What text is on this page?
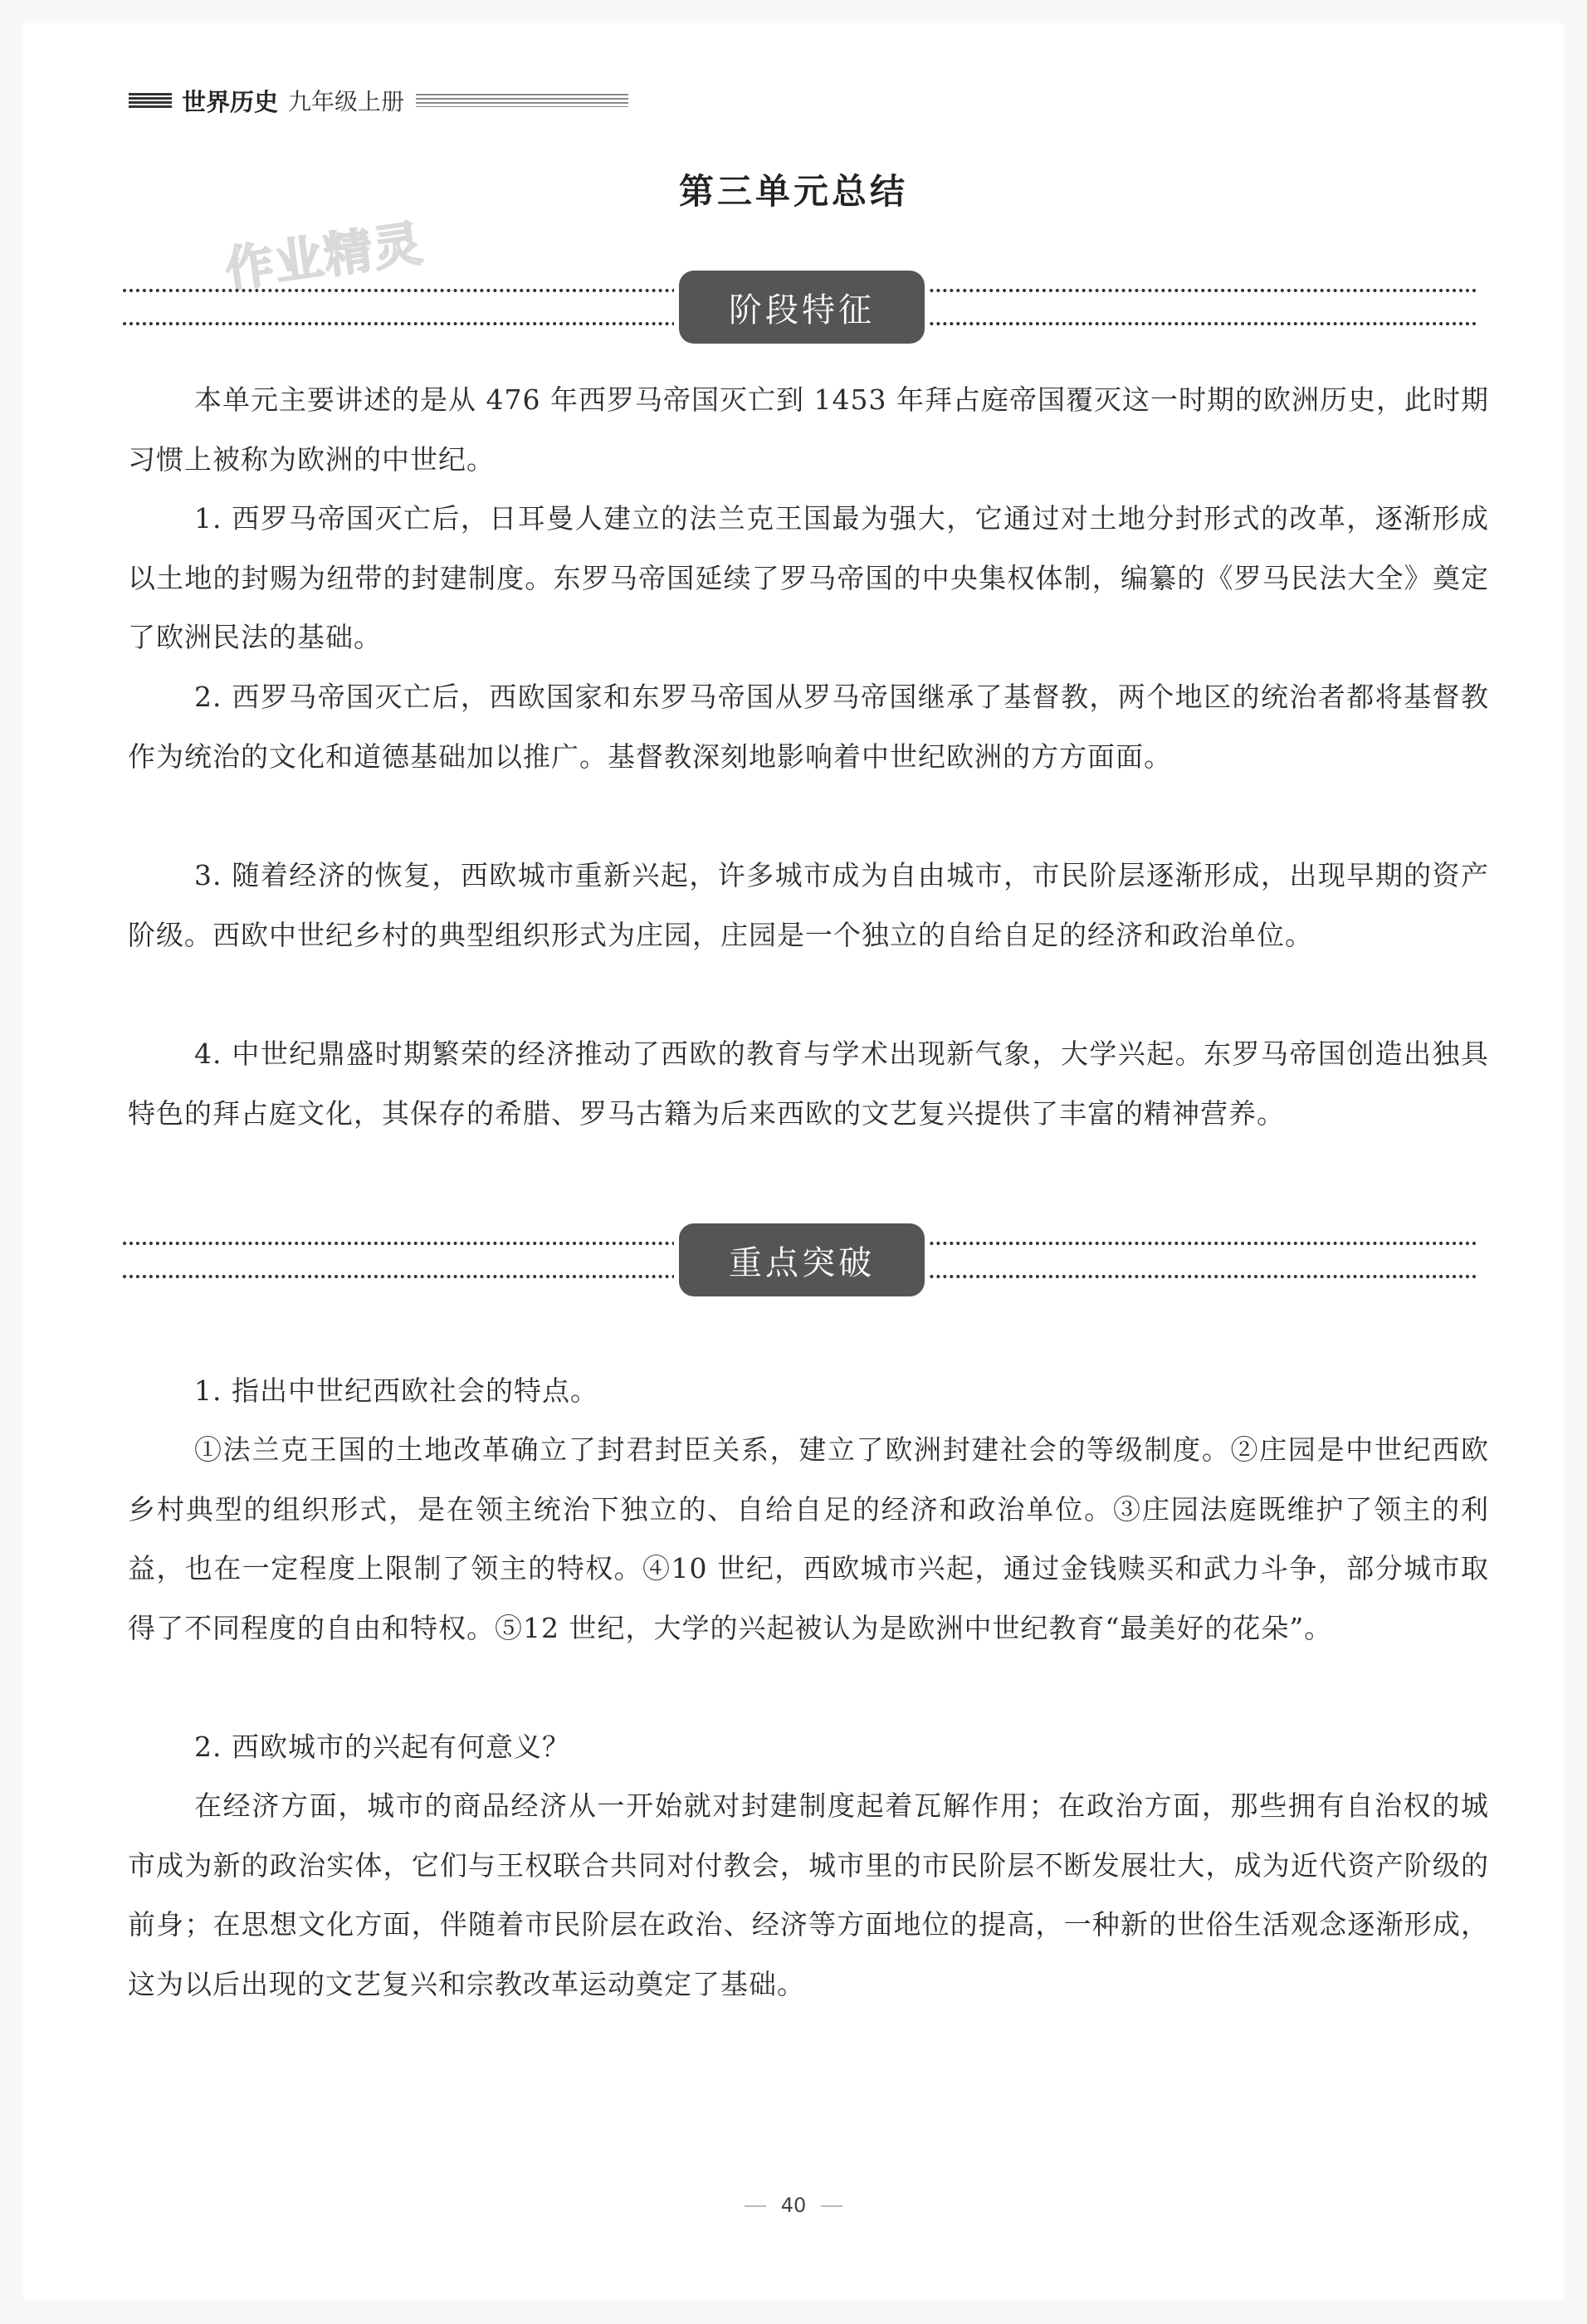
世界历史 九年级上册
第三单元总结
作业精灵
阶段特征

本单元主要讲述的是从 476 年西罗马帝国灭亡到 1453 年拜占庭帝国覆灭这一时期的欧洲历史，此时期习惯上被称为欧洲的中世纪。

1. 西罗马帝国灭亡后，日耳曼人建立的法兰克王国最为强大，它通过对土地分封形式的改革，逐渐形成以土地的封赐为纽带的封建制度。东罗马帝国延续了罗马帝国的中央集权体制，编纂的《罗马民法大全》奠定了欧洲民法的基础。

2. 西罗马帝国灭亡后，西欧国家和东罗马帝国从罗马帝国继承了基督教，两个地区的统治者都将基督教作为统治的文化和道德基础加以推广。基督教深刻地影响着中世纪欧洲的方方面面。

3. 随着经济的恢复，西欧城市重新兴起，许多城市成为自由城市，市民阶层逐渐形成，出现早期的资产阶级。西欧中世纪乡村的典型组织形式为庄园，庄园是一个独立的自给自足的经济和政治单位。

4. 中世纪鼎盛时期繁荣的经济推动了西欧的教育与学术出现新气象，大学兴起。东罗马帝国创造出独具特色的拜占庭文化，其保存的希腊、罗马古籍为后来西欧的文艺复兴提供了丰富的精神营养。

重点突破

1. 指出中世纪西欧社会的特点。

①法兰克王国的土地改革确立了封君封臣关系，建立了欧洲封建社会的等级制度。②庄园是中世纪西欧乡村典型的组织形式，是在领主统治下独立的、自给自足的经济和政治单位。③庄园法庭既维护了领主的利益，也在一定程度上限制了领主的特权。④10 世纪，西欧城市兴起，通过金钱赎买和武力斗争，部分城市取得了不同程度的自由和特权。⑤12 世纪，大学的兴起被认为是欧洲中世纪教育“最美好的花朵”。

2. 西欧城市的兴起有何意义？

在经济方面，城市的商品经济从一开始就对封建制度起着瓦解作用；在政治方面，那些拥有自治权的城市成为新的政治实体，它们与王权联合共同对付教会，城市里的市民阶层不断发展壮大，成为近代资产阶级的前身；在思想文化方面，伴随着市民阶层在政治、经济等方面地位的提高，一种新的世俗生活观念逐渐形成，这为以后出现的文艺复兴和宗教改革运动奠定了基础。

40
